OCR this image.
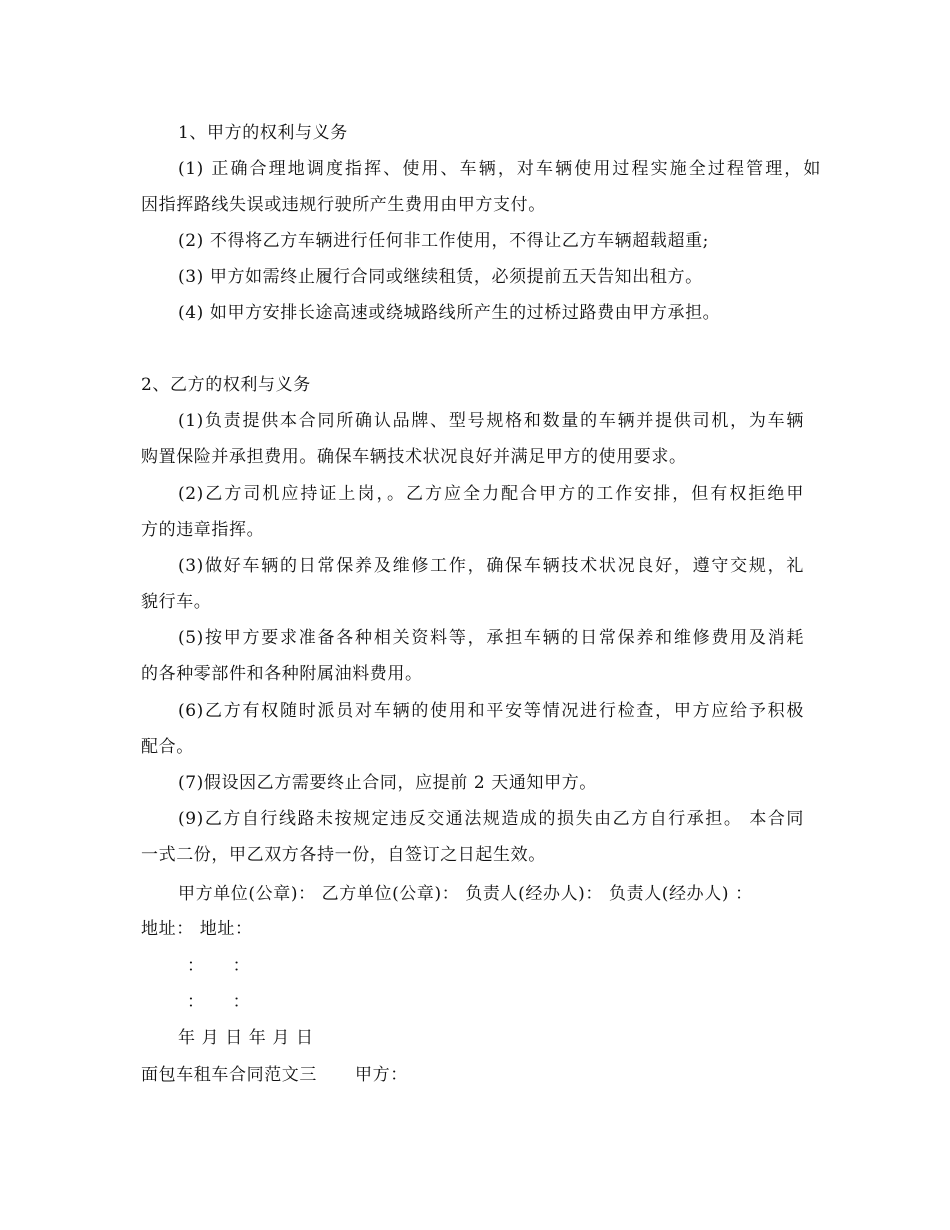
1、甲方的权利与义务
(1) 正确合理地调度指挥、使用、车辆，对车辆使用过程实施全过程管理，如
因指挥路线失误或违规行驶所产生费用由甲方支付。
(2) 不得将乙方车辆进行任何非工作使用，不得让乙方车辆超载超重;
(3) 甲方如需终止履行合同或继续租赁，必须提前五天告知出租方。
(4) 如甲方安排长途高速或绕城路线所产生的过桥过路费由甲方承担。
2、乙方的权利与义务
(1)负责提供本合同所确认品牌、型号规格和数量的车辆并提供司机，为车辆
购置保险并承担费用。确保车辆技术状况良好并满足甲方的使用要求。
(2)乙方司机应持证上岗，。乙方应全力配合甲方的工作安排，但有权拒绝甲
方的违章指挥。
(3)做好车辆的日常保养及维修工作，确保车辆技术状况良好，遵守交规，礼
貌行车。
(5)按甲方要求准备各种相关资料等，承担车辆的日常保养和维修费用及消耗
的各种零部件和各种附属油料费用。
(6)乙方有权随时派员对车辆的使用和平安等情况进行检查，甲方应给予积极
配合。
(7)假设因乙方需要终止合同，应提前 2 天通知甲方。
(9)乙方自行线路未按规定违反交通法规造成的损失由乙方自行承担。 本合同
一式二份，甲乙双方各持一份，自签订之日起生效。
甲方单位(公章)： 乙方单位(公章)： 负责人(经办人)： 负责人(经办人) ：
地址： 地址：
： ：
： ：
年 月 日 年 月 日
面包车租车合同范文三 甲方：
